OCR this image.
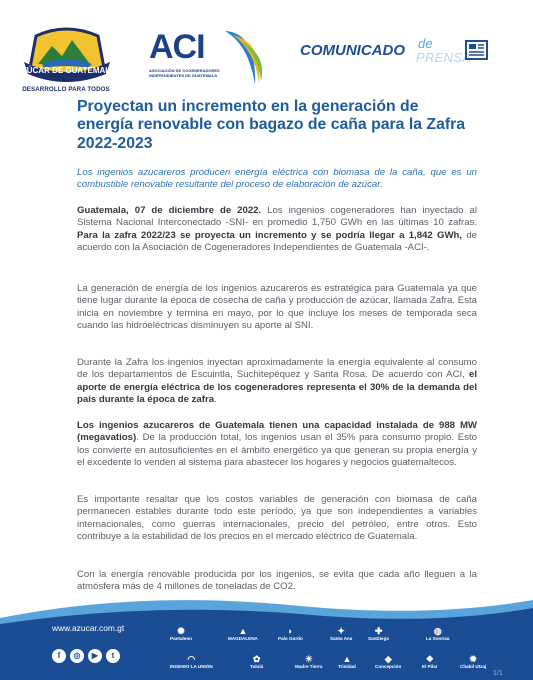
AZÚCAR DE GUATEMALA
DESARROLLO PARA TODOS
ACI
ASOCIACIÓN DE COGENERADORES INDEPENDIENTES DE GUATEMALA
COMUNICADO de
PRENSA
Proyectan un incremento en la generación de energía renovable con bagazo de caña para la Zafra 2022-2023

Los ingenios azucareros producen energía eléctrica con biomasa de la caña, que es un combustible renovable resultante del proceso de elaboración de azúcar.

Guatemala, 07 de diciembre de 2022. Los ingenios cogeneradores han inyectado al Sistema Nacional Interconectado -SNI- en promedio 1,750 GWh en las últimas 10 zafras. Para la zafra 2022/23 se proyecta un incremento y se podría llegar a 1,842 GWh, de acuerdo con la Asociación de Cogeneradores Independientes de Guatemala -ACI-.

La generación de energía de los ingenios azucareros es estratégica para Guatemala ya que tiene lugar durante la época de cosecha de caña y producción de azúcar, llamada Zafra. Esta inicia en noviembre y termina en mayo, por lo que incluye los meses de temporada seca cuando las hidroeléctricas disminuyen su aporte al SNI.

Durante la Zafra los ingenios inyectan aproximadamente la energía equivalente al consumo de los departamentos de Escuintla, Suchitepéquez y Santa Rosa. De acuerdo con ACI, el aporte de energía eléctrica de los cogeneradores representa el 30% de la demanda del país durante la época de zafra.

Los ingenios azucareros de Guatemala tienen una capacidad instalada de 988 MW (megavatios). De la producción total, los ingenios usan el 35% para consumo propio. Esto los convierte en autosuficientes en el ámbito energético ya que generan su propia energía y el excedente lo venden al sistema para abastecer los hogares y negocios guatemaltecos.

Es importante resaltar que los costos variables de generación con biomasa de caña permanecen estables durante todo este período, ya que son independientes a variables internacionales, como guerras internacionales, precio del petróleo, entre otros. Esto contribuye a la estabilidad de los precios en el mercado eléctrico de Guatemala.

Con la energía renovable producida por los ingenios, se evita que cada año lleguen a la atmósfera más de 4 millones de toneladas de CO2.

www.azucar.com.gt
f	◎	▶	t
✺
Pantaleon
▲
MAGDALENA
◗
Palo Gordo
✦
Santa Ana
✚
SanDiego
◍
La Sonrisa
◠
INGENIO LA UNIÓN
✿
Tululá
☀
Madre Tierra
▲
Trinidad
◆
Concepción
❖
El Pilar
✹
Chabil Utzaj
1/1
